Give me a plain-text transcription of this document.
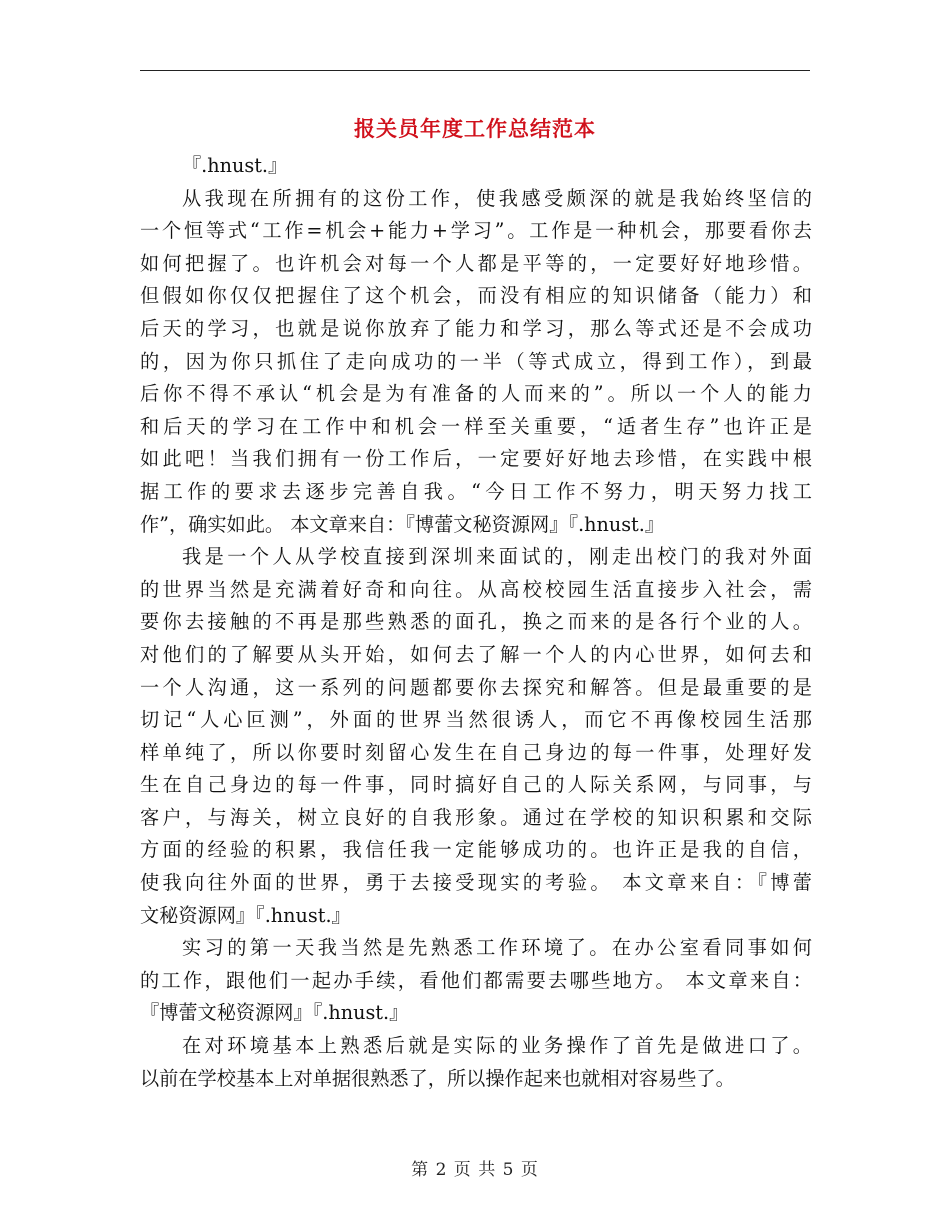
报关员年度工作总结范本
『.hnust.』
从我现在所拥有的这份工作，使我感受颇深的就是我始终坚信的
一个恒等式“工作=机会+能力+学习”。工作是一种机会，那要看你去
如何把握了。也许机会对每一个人都是平等的，一定要好好地珍惜。
但假如你仅仅把握住了这个机会，而没有相应的知识储备（能力）和
后天的学习，也就是说你放弃了能力和学习，那么等式还是不会成功
的，因为你只抓住了走向成功的一半（等式成立，得到工作），到最
后你不得不承认“机会是为有准备的人而来的”。所以一个人的能力
和后天的学习在工作中和机会一样至关重要，“适者生存”也许正是
如此吧！当我们拥有一份工作后，一定要好好地去珍惜，在实践中根
据工作的要求去逐步完善自我。“今日工作不努力，明天努力找工
作”，确实如此。 本文章来自：『博蕾文秘资源网』『.hnust.』
我是一个人从学校直接到深圳来面试的，刚走出校门的我对外面
的世界当然是充满着好奇和向往。从高校校园生活直接步入社会，需
要你去接触的不再是那些熟悉的面孔，换之而来的是各行个业的人。
对他们的了解要从头开始，如何去了解一个人的内心世界，如何去和
一个人沟通，这一系列的问题都要你去探究和解答。但是最重要的是
切记“人心叵测”，外面的世界当然很诱人，而它不再像校园生活那
样单纯了，所以你要时刻留心发生在自己身边的每一件事，处理好发
生在自己身边的每一件事，同时搞好自己的人际关系网，与同事，与
客户，与海关，树立良好的自我形象。通过在学校的知识积累和交际
方面的经验的积累，我信任我一定能够成功的。也许正是我的自信，
使我向往外面的世界，勇于去接受现实的考验。 本文章来自：『博蕾
文秘资源网』『.hnust.』
实习的第一天我当然是先熟悉工作环境了。在办公室看同事如何
的工作，跟他们一起办手续，看他们都需要去哪些地方。 本文章来自：
『博蕾文秘资源网』『.hnust.』
在对环境基本上熟悉后就是实际的业务操作了首先是做进口了。
以前在学校基本上对单据很熟悉了，所以操作起来也就相对容易些了。
第 2 页 共 5 页
